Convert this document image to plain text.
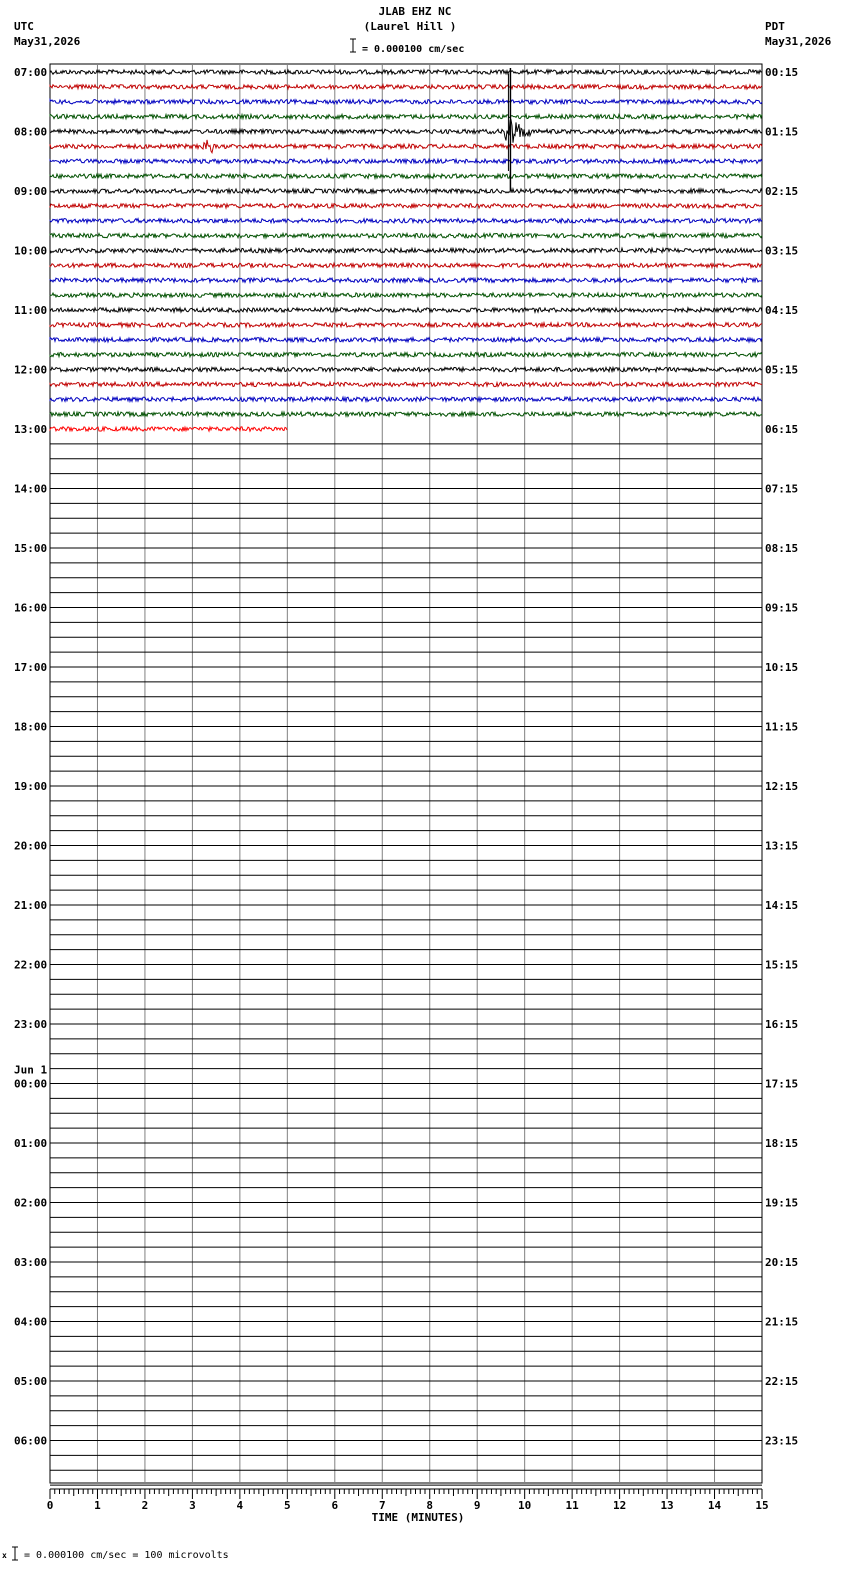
JLAB EHZ NC
(Laurel Hill )
= 0.000100 cm/sec
UTC
May31,2026
PDT
May31,2026
07:00	00:15
08:00	01:15
09:00	02:15
10:00	03:15
11:00	04:15
12:00	05:15
13:00	06:15
14:00	07:15
15:00	08:15
16:00	09:15
17:00	10:15
18:00	11:15
19:00	12:15
20:00	13:15
21:00	14:15
22:00	15:15
23:00	16:15
00:00	17:15
Jun 1
01:00	18:15
02:00	19:15
03:00	20:15
04:00	21:15
05:00	22:15
06:00	23:15
0	1	2	3	4	5	6	7	8	9	10	11	12	13	14	15
TIME (MINUTES)
x = 0.000100 cm/sec = 100 microvolts
